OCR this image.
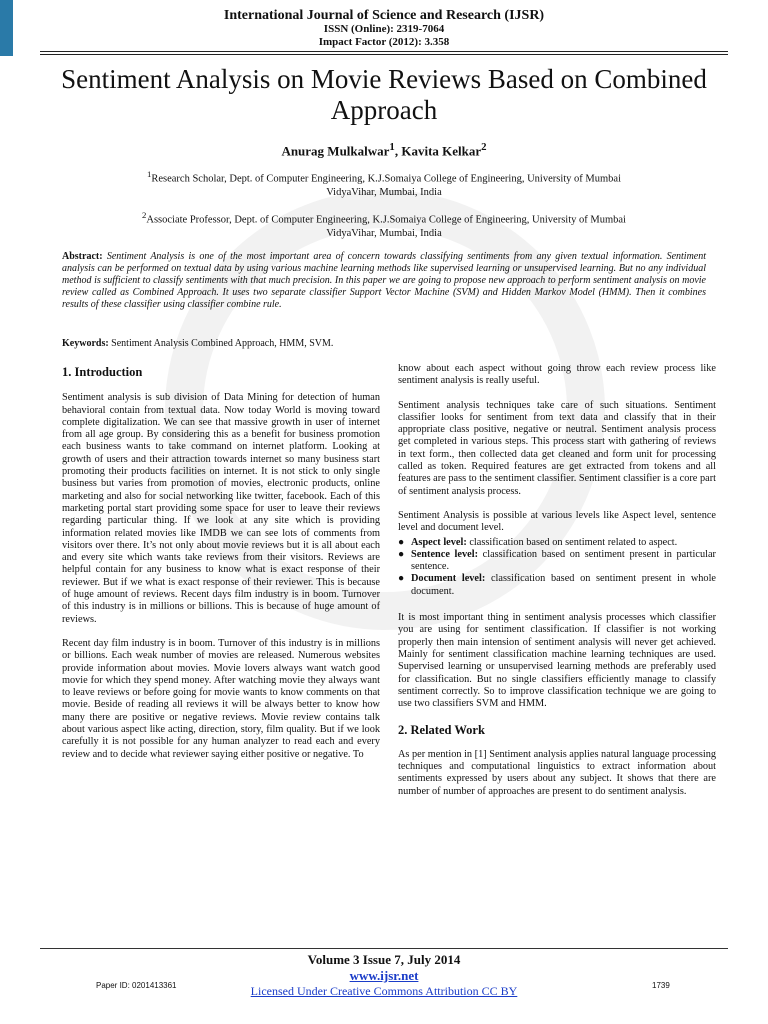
International Journal of Science and Research (IJSR)
ISSN (Online): 2319-7064
Impact Factor (2012): 3.358
Sentiment Analysis on Movie Reviews Based on Combined Approach
Anurag Mulkalwar$^1$, Kavita Kelkar$^2$
$^1$Research Scholar, Dept. of Computer Engineering, K.J.Somaiya College of Engineering, University of Mumbai
VidyaVihar, Mumbai, India
$^2$Associate Professor, Dept. of Computer Engineering, K.J.Somaiya College of Engineering, University of Mumbai
VidyaVihar, Mumbai, India
Abstract: Sentiment Analysis is one of the most important area of concern towards classifying sentiments from any given textual information. Sentiment analysis can be performed on textual data by using various machine learning methods like supervised learning or unsupervised learning. But no any individual method is sufficient to classify sentiments with that much precision. In this paper we are going to propose new approach to perform sentiment analysis on movie review called as Combined Approach. It uses two separate classifier Support Vector Machine (SVM) and Hidden Markov Model (HMM). Then it combines results of these classifier using classifier combine rule.
Keywords: Sentiment Analysis Combined Approach, HMM, SVM.
1. Introduction

Sentiment analysis is sub division of Data Mining for detection of human behavioral contain from textual data. Now today World is moving toward complete digitalization. We can see that massive growth in user of internet from all age group. By considering this as a benefit for business promotion each business wants to take command on internet platform. Looking at growth of users and their attraction towards internet so many business start promoting their products facilities on internet. It is not stick to only single business but varies from promotion of movies, electronic products, online marketing and also for social networking like twitter, facebook. Each of this marketing portal start providing some space for user to leave their reviews regarding particular thing. If we look at any site which is providing information related movies like IMDB we can see lots of comments from visitors over there. It’s not only about movie reviews but it is all about each and every site which wants take reviews from their visitors. Reviews are helpful contain for any business to know what is exact response of their reviewer. But if we what is exact response of their reviewer. This is because of huge amount of reviews. Recent days film industry is in boom. Turnover of this industry is in millions or billions. This is because of huge amount of reviews.

Recent day film industry is in boom. Turnover of this industry is in millions or billions. Each weak number of movies are released. Numerous websites provide information about movies. Movie lovers always want watch good movie for which they spend money. After watching movie they always want to leave reviews or before going for movie wants to know comments on that movie. Beside of reading all reviews it will be always better to know how many there are positive or negative reviews. Movie review contains talk about various aspect like acting, direction, story, film quality. But if we look carefully it is not possible for any human analyzer to read each and every review and to decide what reviewer saying either positive or negative. To

know about each aspect without going throw each review process like sentiment analysis is really useful.

Sentiment analysis techniques take care of such situations. Sentiment classifier looks for sentiment from text data and classify that in their appropriate class positive, negative or neutral. Sentiment analysis process get completed in various steps. This process start with gathering of reviews in text form., then collected data get cleaned and form unit for processing called as token. Required features are get extracted from tokens and all features are pass to the sentiment classifier. Sentiment classifier is a core part of sentiment analysis process.

Sentiment Analysis is possible at various levels like Aspect level, sentence level and document level.

● Aspect level: classification based on sentiment related to aspect.
● Sentence level: classification based on sentiment present in particular sentence.
● Document level: classification based on sentiment present in whole document.

It is most important thing in sentiment analysis processes which classifier you are using for sentiment classification. If classifier is not working properly then main intension of sentiment analysis will never get achieved. Mainly for sentiment classification machine learning techniques are used. Supervised learning or unsupervised learning methods are preferably used for classification. But no single classifiers efficiently manage to classify sentiment correctly. So to improve classification technique we are going to use two classifiers SVM and HMM.

2. Related Work

As per mention in [1] Sentiment analysis applies natural language processing techniques and computational linguistics to extract information about sentiments expressed by users about any subject. It shows that there are number of number of approaches are present to do sentiment analysis.

Volume 3 Issue 7, July 2014
www.ijsr.net
Licensed Under Creative Commons Attribution CC BY
Paper ID: 0201413361	1739
